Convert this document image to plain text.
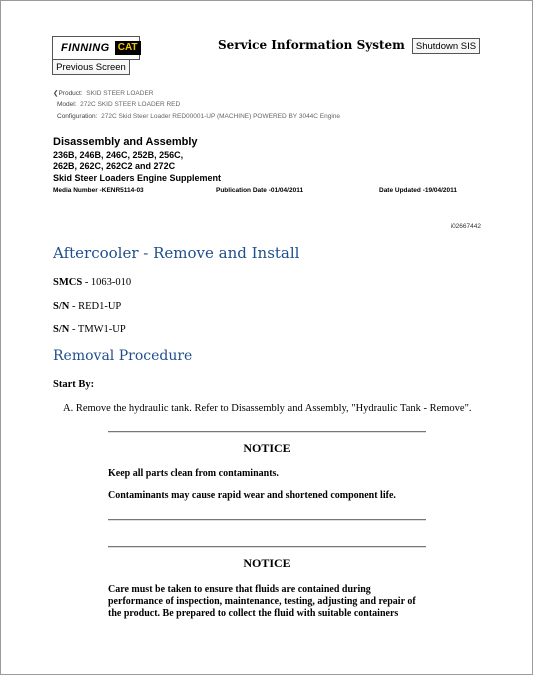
FINNING CAT	Service Information System	Shutdown SIS
Previous Screen
❮Product: SKID STEER LOADER
Model: 272C SKID STEER LOADER RED
Configuration: 272C Skid Steer Loader RED00001-UP (MACHINE) POWERED BY 3044C Engine
Disassembly and Assembly
236B, 246B, 246C, 252B, 256C,
262B, 262C, 262C2 and 272C
Skid Steer Loaders Engine Supplement
Media Number -KENR5114-03	Publication Date -01/04/2011	Date Updated -19/04/2011
i02667442
Aftercooler - Remove and Install
SMCS - 1063-010
S/N - RED1-UP
S/N - TMW1-UP
Removal Procedure
Start By:
A. Remove the hydraulic tank. Refer to Disassembly and Assembly, "Hydraulic Tank - Remove".
NOTICE
Keep all parts clean from contaminants.
Contaminants may cause rapid wear and shortened component life.
NOTICE
Care must be taken to ensure that fluids are contained during performance of inspection, maintenance, testing, adjusting and repair of the product. Be prepared to collect the fluid with suitable containers
